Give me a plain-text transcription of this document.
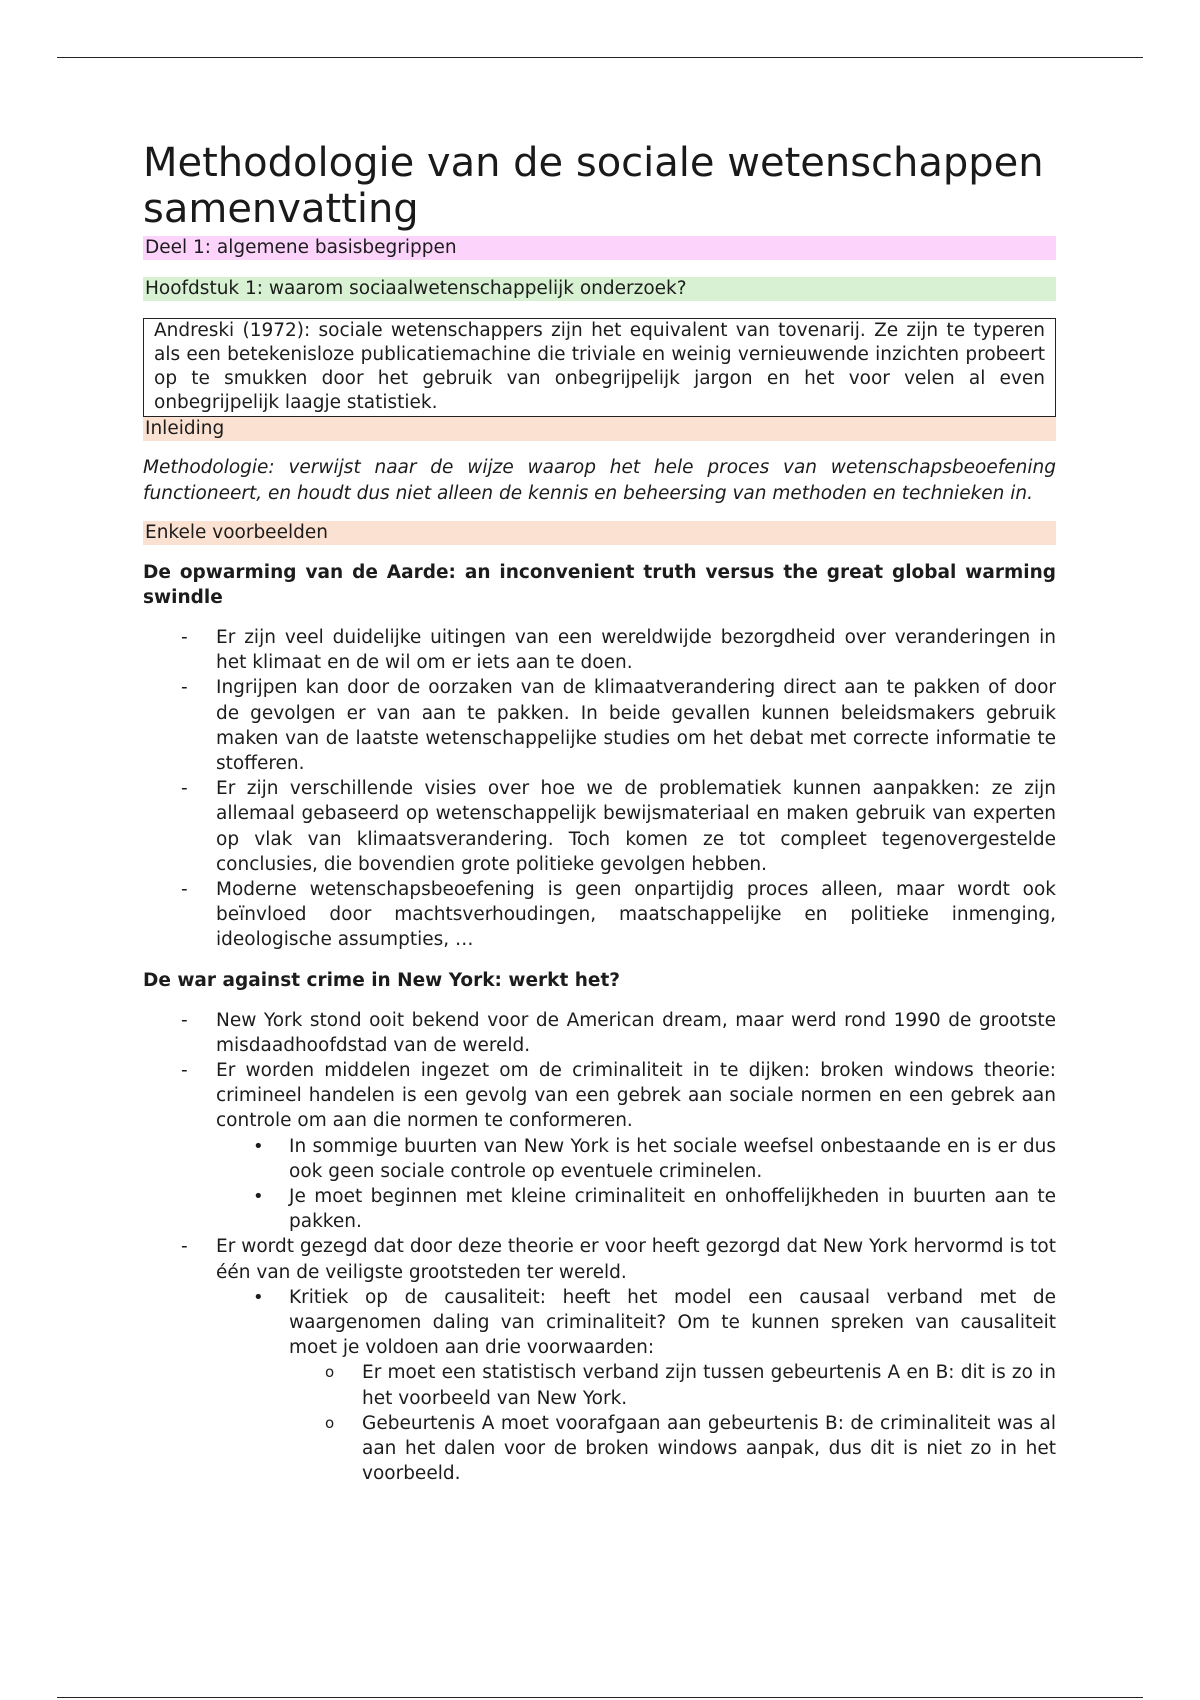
Methodologie van de sociale wetenschappen samenvatting
Deel 1: algemene basisbegrippen
Hoofdstuk 1: waarom sociaalwetenschappelijk onderzoek?
Andreski (1972): sociale wetenschappers zijn het equivalent van tovenarij. Ze zijn te typeren als een betekenisloze publicatiemachine die triviale en weinig vernieuwende inzichten probeert op te smukken door het gebruik van onbegrijpelijk jargon en het voor velen al even onbegrijpelijk laagje statistiek.
Inleiding

Methodologie: verwijst naar de wijze waarop het hele proces van wetenschapsbeoefening functioneert, en houdt dus niet alleen de kennis en beheersing van methoden en technieken in.

Enkele voorbeelden

De opwarming van de Aarde: an inconvenient truth versus the great global warming swindle

- Er zijn veel duidelijke uitingen van een wereldwijde bezorgdheid over veranderingen in het klimaat en de wil om er iets aan te doen.
- Ingrijpen kan door de oorzaken van de klimaatverandering direct aan te pakken of door de gevolgen er van aan te pakken. In beide gevallen kunnen beleidsmakers gebruik maken van de laatste wetenschappelijke studies om het debat met correcte informatie te stofferen.
- Er zijn verschillende visies over hoe we de problematiek kunnen aanpakken: ze zijn allemaal gebaseerd op wetenschappelijk bewijsmateriaal en maken gebruik van experten op vlak van klimaatsverandering. Toch komen ze tot compleet tegenovergestelde conclusies, die bovendien grote politieke gevolgen hebben.
- Moderne wetenschapsbeoefening is geen onpartijdig proces alleen, maar wordt ook beïnvloed door machtsverhoudingen, maatschappelijke en politieke inmenging, ideologische assumpties, …

De war against crime in New York: werkt het?

- New York stond ooit bekend voor de American dream, maar werd rond 1990 de grootste misdaadhoofdstad van de wereld.
- Er worden middelen ingezet om de criminaliteit in te dijken: broken windows theorie: crimineel handelen is een gevolg van een gebrek aan sociale normen en een gebrek aan controle om aan die normen te conformeren.
• In sommige buurten van New York is het sociale weefsel onbestaande en is er dus ook geen sociale controle op eventuele criminelen.
• Je moet beginnen met kleine criminaliteit en onhoffelijkheden in buurten aan te pakken.
- Er wordt gezegd dat door deze theorie er voor heeft gezorgd dat New York hervormd is tot één van de veiligste grootsteden ter wereld.
• Kritiek op de causaliteit: heeft het model een causaal verband met de waargenomen daling van criminaliteit? Om te kunnen spreken van causaliteit moet je voldoen aan drie voorwaarden:
o Er moet een statistisch verband zijn tussen gebeurtenis A en B: dit is zo in het voorbeeld van New York.
o Gebeurtenis A moet voorafgaan aan gebeurtenis B: de criminaliteit was al aan het dalen voor de broken windows aanpak, dus dit is niet zo in het voorbeeld.
